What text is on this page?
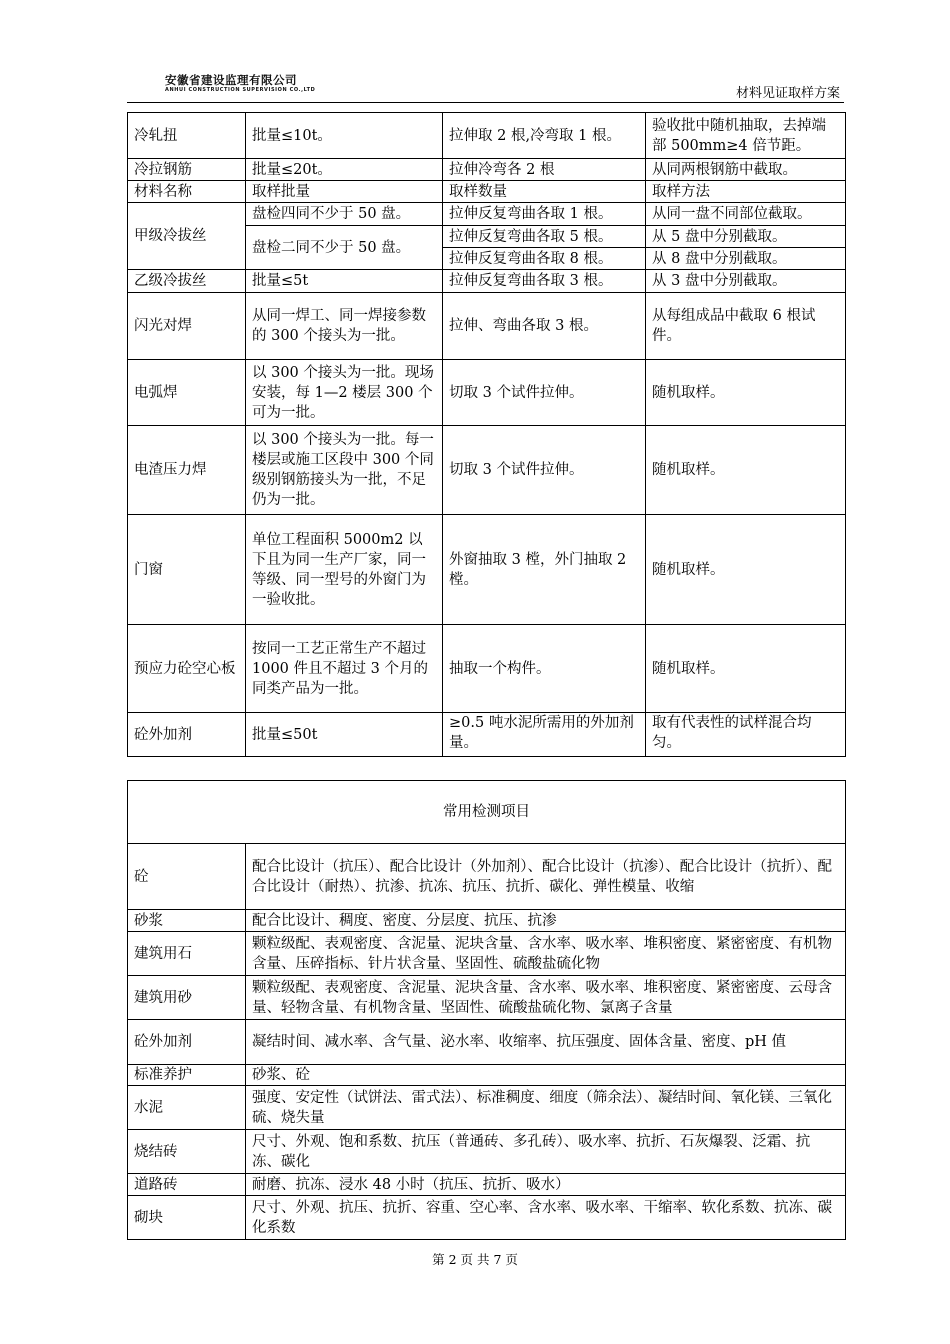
安徽省建设监理有限公司
ANHUI CONSTRUCTION SUPERVISION CO.,LTD	材料见证取样方案
冷轧扭	批量≤10t。	拉伸取 2 根,冷弯取 1 根。	验收批中随机抽取，去掉端部 500mm≥4 倍节距。
冷拉钢筋	批量≤20t。	拉伸冷弯各 2 根	从同两根钢筋中截取。
材料名称	取样批量	取样数量	取样方法
甲级冷拔丝	盘检四同不少于 50 盘。	拉伸反复弯曲各取 1 根。	从同一盘不同部位截取。
	盘检二同不少于 50 盘。	拉伸反复弯曲各取 5 根。	从 5 盘中分别截取。
		拉伸反复弯曲各取 8 根。	从 8 盘中分别截取。
乙级冷拔丝	批量≤5t	拉伸反复弯曲各取 3 根。	从 3 盘中分别截取。
闪光对焊	从同一焊工、同一焊接参数的 300 个接头为一批。	拉伸、弯曲各取 3 根。	从每组成品中截取 6 根试件。
电弧焊	以 300 个接头为一批。现场安装，每 1—2 楼层 300 个可为一批。	切取 3 个试件拉伸。	随机取样。
电渣压力焊	以 300 个接头为一批。每一楼层或施工区段中 300 个同级别钢筋接头为一批，不足仍为一批。	切取 3 个试件拉伸。	随机取样。
门窗	单位工程面积 5000m2 以下且为同一生产厂家，同一等级、同一型号的外窗门为一验收批。	外窗抽取 3 樘，外门抽取 2 樘。	随机取样。
预应力砼空心板	按同一工艺正常生产不超过 1000 件且不超过 3 个月的同类产品为一批。	抽取一个构件。	随机取样。
砼外加剂	批量≤50t	≥0.5 吨水泥所需用的外加剂量。	取有代表性的试样混合均匀。
常用检测项目	
砼	配合比设计（抗压）、配合比设计（外加剂）、配合比设计（抗渗）、配合比设计（抗折）、配合比设计（耐热）、抗渗、抗冻、抗压、抗折、碳化、弹性模量、收缩
砂浆	配合比设计、稠度、密度、分层度、抗压、抗渗
建筑用石	颗粒级配、表观密度、含泥量、泥块含量、含水率、吸水率、堆积密度、紧密密度、有机物含量、压碎指标、针片状含量、坚固性、硫酸盐硫化物
建筑用砂	颗粒级配、表观密度、含泥量、泥块含量、含水率、吸水率、堆积密度、紧密密度、云母含量、轻物含量、有机物含量、坚固性、硫酸盐硫化物、氯离子含量
砼外加剂	凝结时间、减水率、含气量、泌水率、收缩率、抗压强度、固体含量、密度、pH 值
标准养护	砂浆、砼
水泥	强度、安定性（试饼法、雷式法）、标准稠度、细度（筛余法）、凝结时间、氧化镁、三氧化硫、烧失量
烧结砖	尺寸、外观、饱和系数、抗压（普通砖、多孔砖）、吸水率、抗折、石灰爆裂、泛霜、抗冻、碳化
道路砖	耐磨、抗冻、浸水 48 小时（抗压、抗折、吸水）
砌块	尺寸、外观、抗压、抗折、容重、空心率、含水率、吸水率、干缩率、软化系数、抗冻、碳化系数
第 2 页 共 7 页
